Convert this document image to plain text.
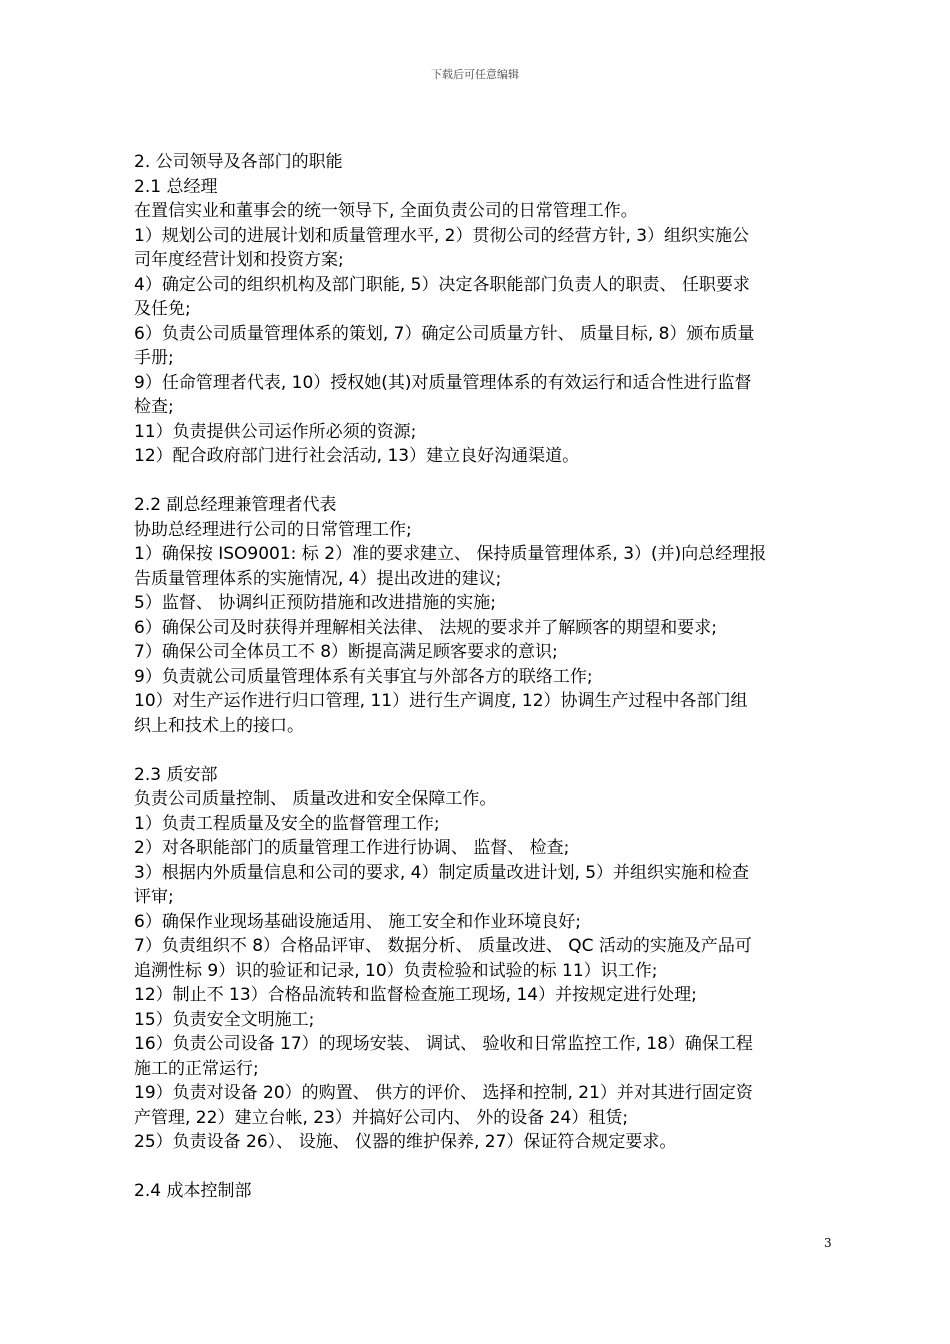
下载后可任意编辑

2. 公司领导及各部门的职能

2.1 总经理

在置信实业和董事会的统一领导下, 全面负责公司的日常管理工作。

1）规划公司的进展计划和质量管理水平, 2）贯彻公司的经营方针, 3）组织实施公

司年度经营计划和投资方案;

4）确定公司的组织机构及部门职能, 5）决定各职能部门负责人的职责、 任职要求

及任免;

6）负责公司质量管理体系的策划, 7）确定公司质量方针、 质量目标, 8）颁布质量

手册;

9）任命管理者代表, 10）授权她(其)对质量管理体系的有效运行和适合性进行监督

检查;

11）负责提供公司运作所必须的资源;

12）配合政府部门进行社会活动, 13）建立良好沟通渠道。

2.2 副总经理兼管理者代表

协助总经理进行公司的日常管理工作;

1）确保按 ISO9001: 标 2）准的要求建立、 保持质量管理体系, 3）(并)向总经理报

告质量管理体系的实施情况, 4）提出改进的建议;

5）监督、 协调纠正预防措施和改进措施的实施;

6）确保公司及时获得并理解相关法律、 法规的要求并了解顾客的期望和要求;

7）确保公司全体员工不 8）断提高满足顾客要求的意识;

9）负责就公司质量管理体系有关事宜与外部各方的联络工作;

10）对生产运作进行归口管理, 11）进行生产调度, 12）协调生产过程中各部门组

织上和技术上的接口。

2.3 质安部

负责公司质量控制、 质量改进和安全保障工作。

1）负责工程质量及安全的监督管理工作;

2）对各职能部门的质量管理工作进行协调、 监督、 检查;

3）根据内外质量信息和公司的要求, 4）制定质量改进计划, 5）并组织实施和检查

评审;

6）确保作业现场基础设施适用、 施工安全和作业环境良好;

7）负责组织不 8）合格品评审、 数据分析、 质量改进、 QC 活动的实施及产品可

追溯性标 9）识的验证和记录, 10）负责检验和试验的标 11）识工作;

12）制止不 13）合格品流转和监督检查施工现场, 14）并按规定进行处理;

15）负责安全文明施工;

16）负责公司设备 17）的现场安装、 调试、 验收和日常监控工作, 18）确保工程

施工的正常运行;

19）负责对设备 20）的购置、 供方的评价、 选择和控制, 21）并对其进行固定资

产管理, 22）建立台帐, 23）并搞好公司内、 外的设备 24）租赁;

25）负责设备 26）、 设施、 仪器的维护保养, 27）保证符合规定要求。

2.4 成本控制部

3
